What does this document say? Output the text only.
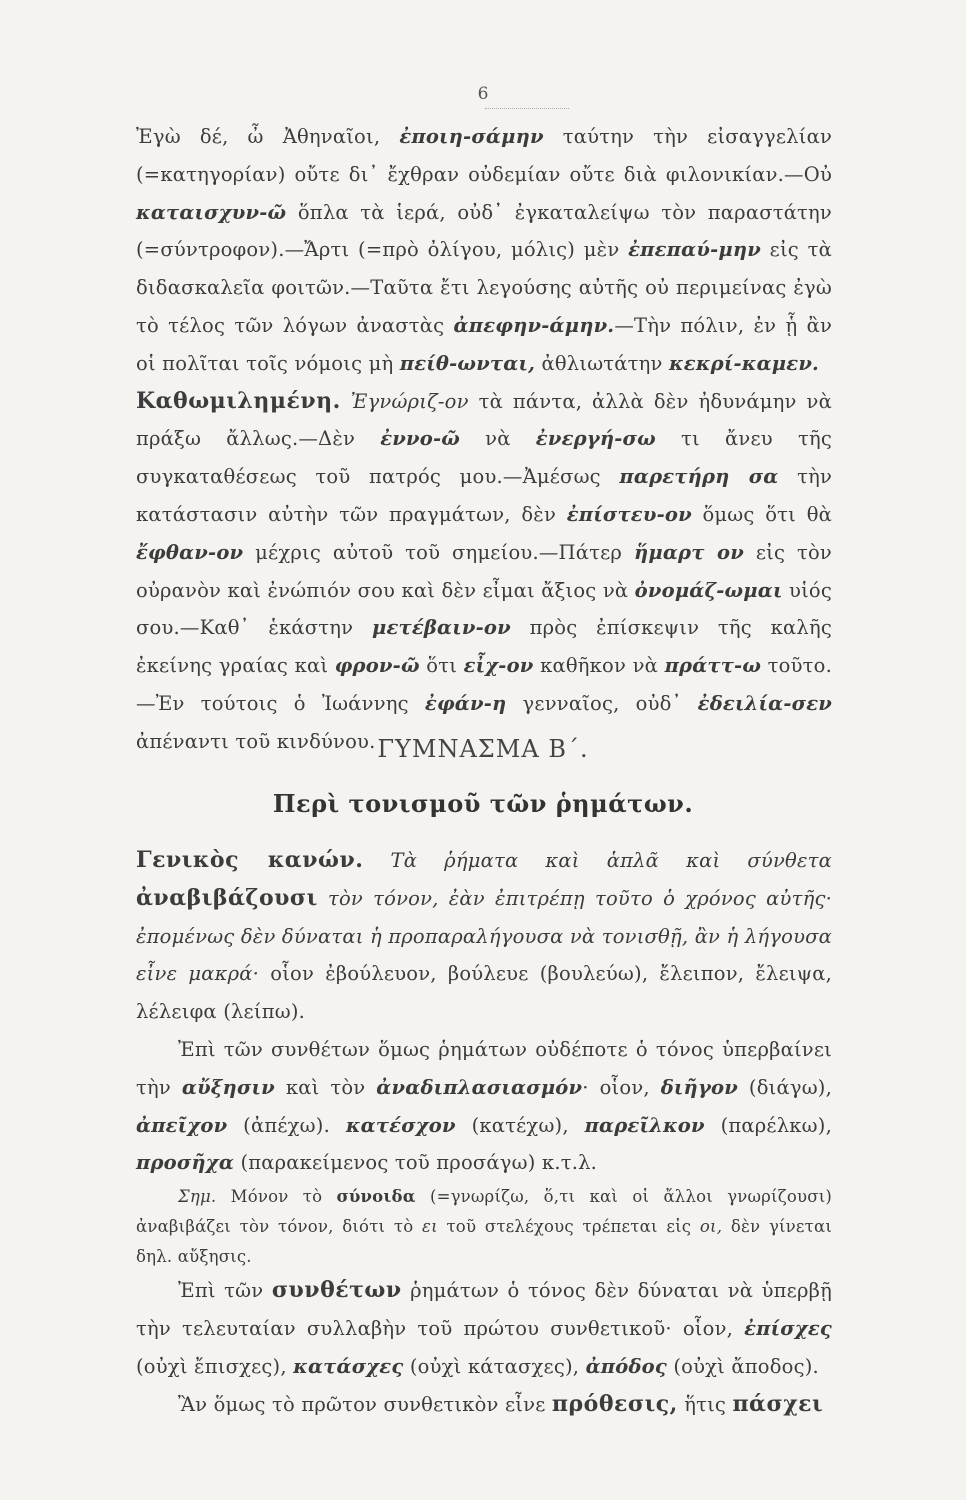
6

Ἐγὼ δέ, ὦ Ἀθηναῖοι, ἐποιη-σάμην ταύτην τὴν εἰσαγγελίαν (=κατηγορίαν) οὔτε δι᾽ ἔχθραν οὐδεμίαν οὔτε διὰ φιλονικίαν.—Οὐ καταισχυν-ῶ ὅπλα τὰ ἱερά, οὐδ᾽ ἐγκαταλείψω τὸν παραστάτην (=σύντροφον).—Ἄρτι (=πρὸ ὀλίγου, μόλις) μὲν ἐπεπαύ-μην εἰς τὰ διδασκαλεῖα φοιτῶν.—Ταῦτα ἔτι λεγούσης αὐτῆς οὐ περιμείνας ἐγὼ τὸ τέλος τῶν λόγων ἀναστὰς ἀπεφην-άμην.—Τὴν πόλιν, ἐν ᾗ ἂν οἱ πολῖται τοῖς νόμοις μὴ πείθ-ωνται, ἀθλιωτάτην κεκρί-καμεν.

Καθωμιλημένη. Ἐγνώριζ-ον τὰ πάντα, ἀλλὰ δὲν ἠδυνάμην νὰ πράξω ἄλλως.—Δὲν ἐννο-ῶ νὰ ἐνεργή-σω τι ἄνευ τῆς συγκαταθέσεως τοῦ πατρός μου.—Ἀμέσως παρετήρη σα τὴν κατάστασιν αὐτὴν τῶν πραγμάτων, δὲν ἐπίστευ-ον ὅμως ὅτι θὰ ἔφθαν-ον μέχρις αὐτοῦ τοῦ σημείου.—Πάτερ ἥμαρτ ον εἰς τὸν οὐρανὸν καὶ ἐνώπιόν σου καὶ δὲν εἶμαι ἄξιος νὰ ὀνομάζ-ωμαι υἱός σου.—Καθ᾽ ἑκάστην μετέβαιν-ον πρὸς ἐπίσκεψιν τῆς καλῆς ἐκείνης γραίας καὶ φρον-ῶ ὅτι εἶχ-ον καθῆκον νὰ πράττ-ω τοῦτο.—Ἐν τούτοις ὁ Ἰωάννης ἐφάν-η γενναῖος, οὐδ᾽ ἐδειλία-σεν ἀπέναντι τοῦ κινδύνου. ΓΥΜΝΑΣΜΑ Β΄.
Περὶ τονισμοῦ τῶν ῥημάτων.

Γενικὸς κανών. Τὰ ῥήματα καὶ ἁπλᾶ καὶ σύνθετα ἀναβιβάζουσι τὸν τόνον, ἐὰν ἐπιτρέπῃ τοῦτο ὁ χρόνος αὐτῆς· ἐπομένως δὲν δύναται ἡ προπαραλήγουσα νὰ τονισθῇ, ἂν ἡ λήγουσα εἶνε μακρά· οἷον ἐβούλευον, βούλευε (βουλεύω), ἔλειπον, ἔλειψα, λέλειφα (λείπω).

Ἐπὶ τῶν συνθέτων ὅμως ῥημάτων οὐδέποτε ὁ τόνος ὑπερβαίνει τὴν αὔξησιν καὶ τὸν ἀναδιπλασιασμόν· οἷον, διῆγον (διάγω), ἀπεῖχον (ἀπέχω). κατέσχον (κατέχω), παρεῖλκον (παρέλκω), προσῆχα (παρακείμενος τοῦ προσάγω) κ.τ.λ.

Σημ. Μόνον τὸ σύνοιδα (=γνωρίζω, ὅ,τι καὶ οἱ ἄλλοι γνωρίζουσι) ἀναβιβάζει τὸν τόνον, διότι τὸ ει τοῦ στελέχους τρέπεται εἰς οι, δὲν γίνεται δηλ. αὔξησις.

Ἐπὶ τῶν συνθέτων ῥημάτων ὁ τόνος δὲν δύναται νὰ ὑπερβῇ τὴν τελευταίαν συλλαβὴν τοῦ πρώτου συνθετικοῦ· οἷον, ἐπίσχες (οὐχὶ ἔπισχες), κατάσχες (οὐχὶ κάτασχες), ἀπόδος (οὐχὶ ἄποδος).

Ἂν ὅμως τὸ πρῶτον συνθετικὸν εἶνε πρόθεσις, ἥτις πάσχει
